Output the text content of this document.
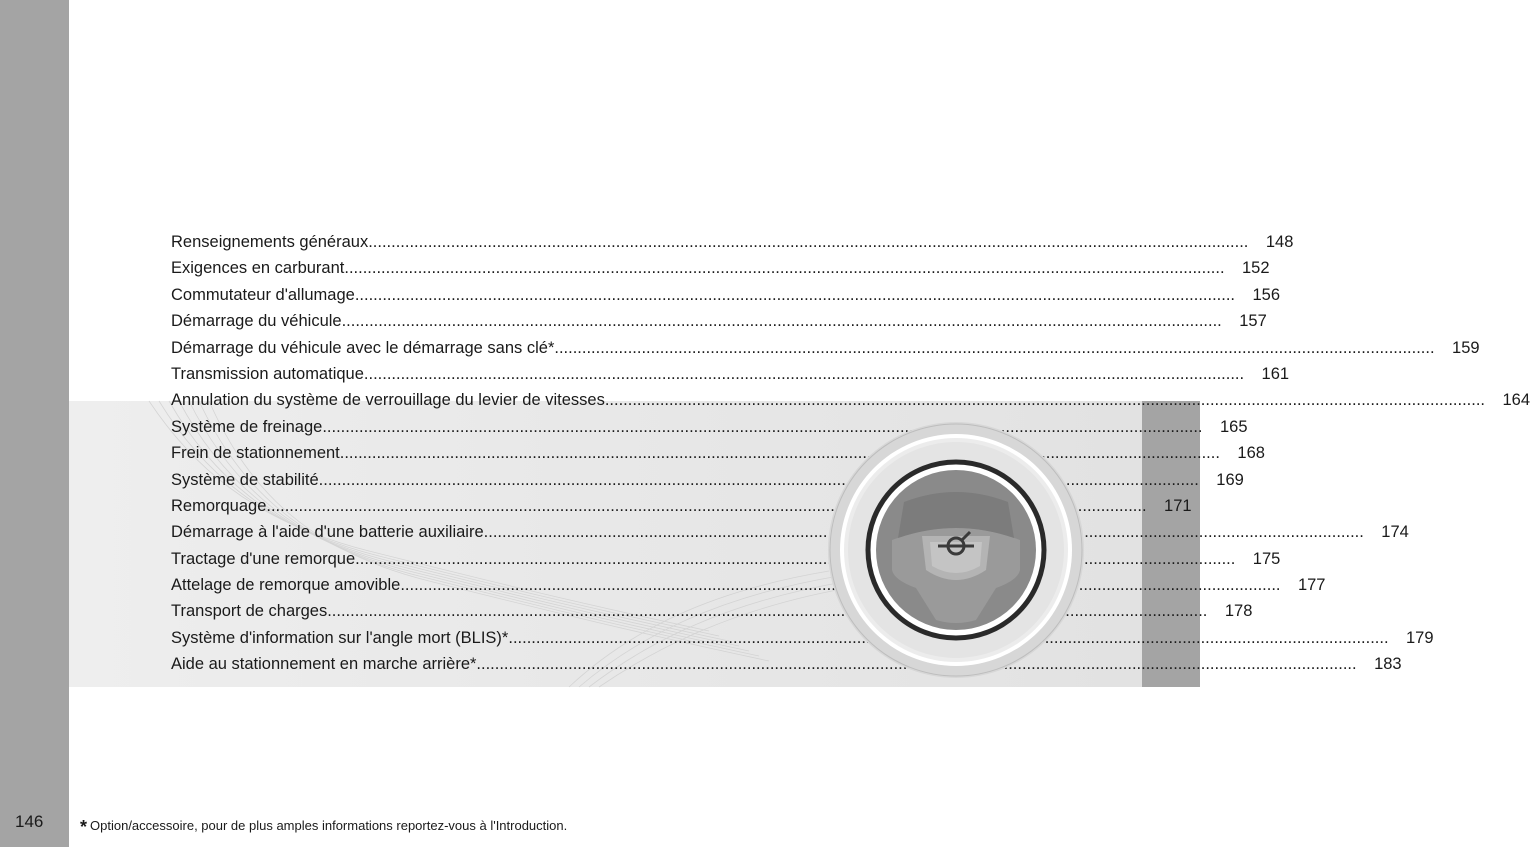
Renseignements généraux .....	148
Exigences en carburant .....	152
Commutateur d'allumage .....	156
Démarrage du véhicule .....	157
Démarrage du véhicule avec le démarrage sans clé* .....	159
Transmission automatique .....	161
Annulation du système de verrouillage du levier de vitesses .....	164
Système de freinage .....	165
Frein de stationnement .....	168
Système de stabilité .....	169
Remorquage .....	171
Démarrage à l'aide d'une batterie auxiliaire .....	174
Tractage d'une remorque .....	175
Attelage de remorque amovible .....	177
Transport de charges .....	178
Système d'information sur l'angle mort (BLIS)* .....	179
Aide au stationnement en marche arrière* .....	183
146 * Option/accessoire, pour de plus amples informations reportez-vous à l'Introduction.
